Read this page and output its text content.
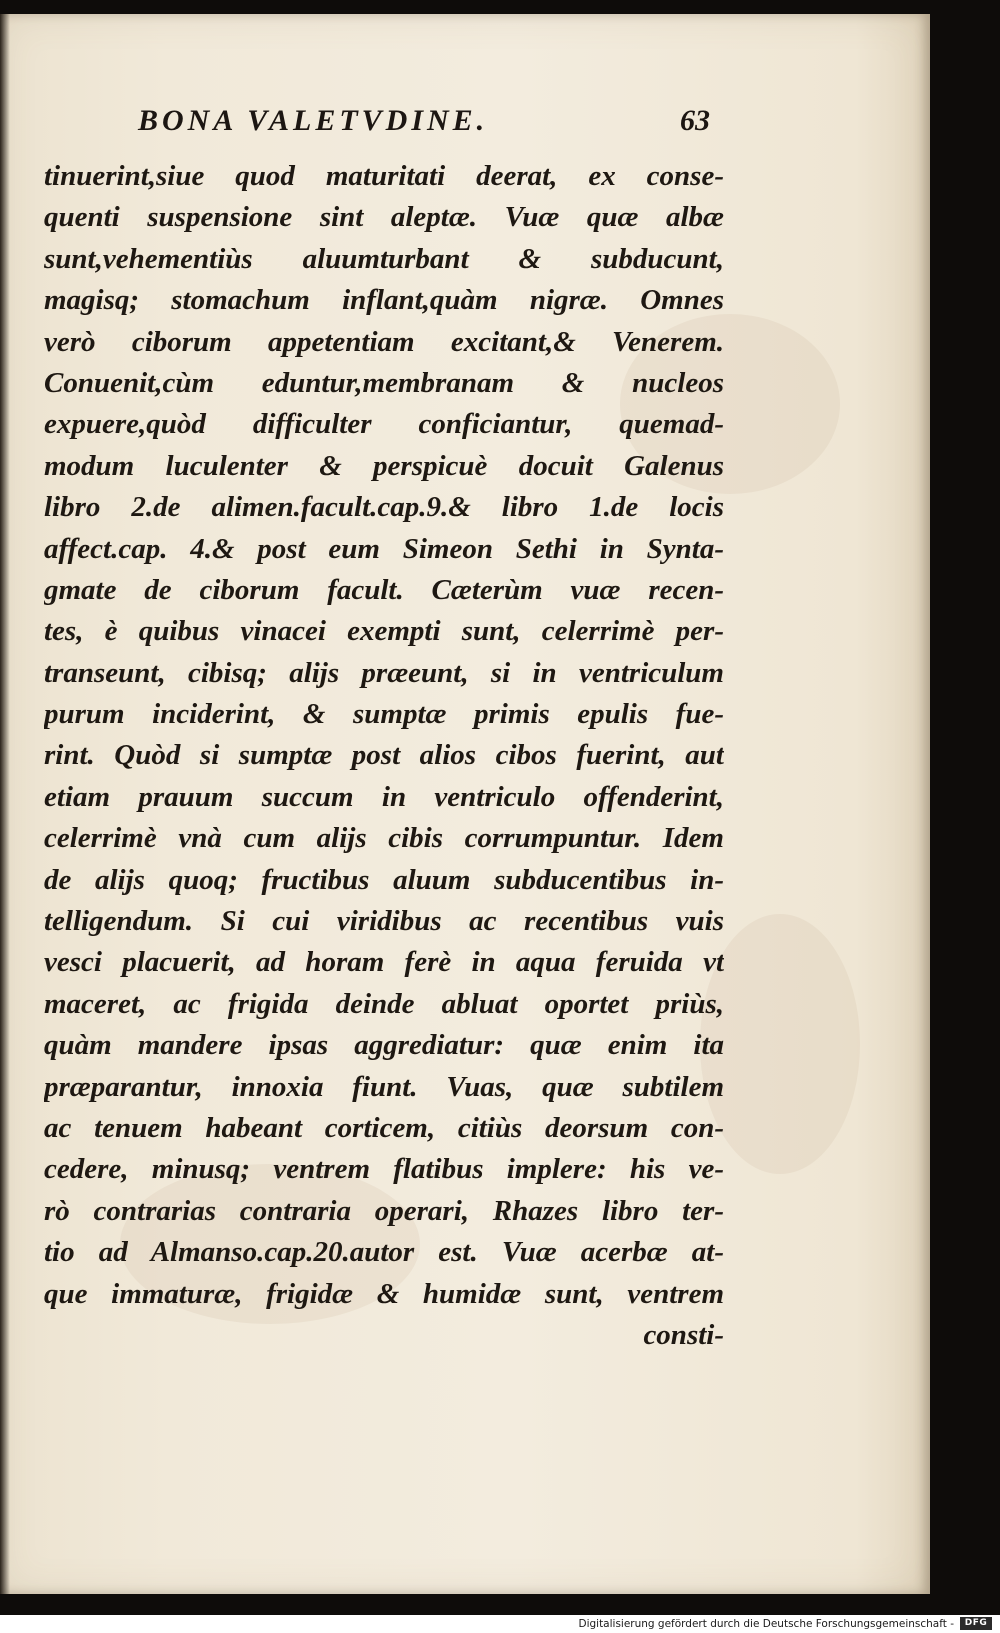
BONA VALETVDINE.	63
tinuerint,siue quod maturitati deerat, ex conse-
quenti suspensione sint aleptæ. Vuæ quæ albæ
sunt,vehementiùs aluumturbant & subducunt,
magisq; stomachum inflant,quàm nigræ. Omnes
verò ciborum appetentiam excitant,& Venerem.
Conuenit,cùm eduntur,membranam & nucleos
expuere,quòd difficulter conficiantur, quemad-
modum luculenter & perspicuè docuit Galenus
libro 2.de alimen.facult.cap.9.& libro 1.de locis
affect.cap. 4.& post eum Simeon Sethi in Synta-
gmate de ciborum facult. Cæterùm vuæ recen-
tes, è quibus vinacei exempti sunt, celerrimè per-
transeunt, cibisq; alijs præeunt, si in ventriculum
purum inciderint, & sumptæ primis epulis fue-
rint. Quòd si sumptæ post alios cibos fuerint, aut
etiam prauum succum in ventriculo offenderint,
celerrimè vnà cum alijs cibis corrumpuntur. Idem
de alijs quoq; fructibus aluum subducentibus in-
telligendum. Si cui viridibus ac recentibus vuis
vesci placuerit, ad horam ferè in aqua feruida vt
maceret, ac frigida deinde abluat oportet priùs,
quàm mandere ipsas aggrediatur: quæ enim ita
præparantur, innoxia fiunt. Vuas, quæ subtilem
ac tenuem habeant corticem, citiùs deorsum con-
cedere, minusq; ventrem flatibus implere: his ve-
rò contrarias contraria operari, Rhazes libro ter-
tio ad Almanso.cap.20.autor est. Vuæ acerbæ at-
que immaturæ, frigidæ & humidæ sunt, ventrem
consti-
Digitalisierung gefördert durch die Deutsche Forschungsgemeinschaft -	DFG
